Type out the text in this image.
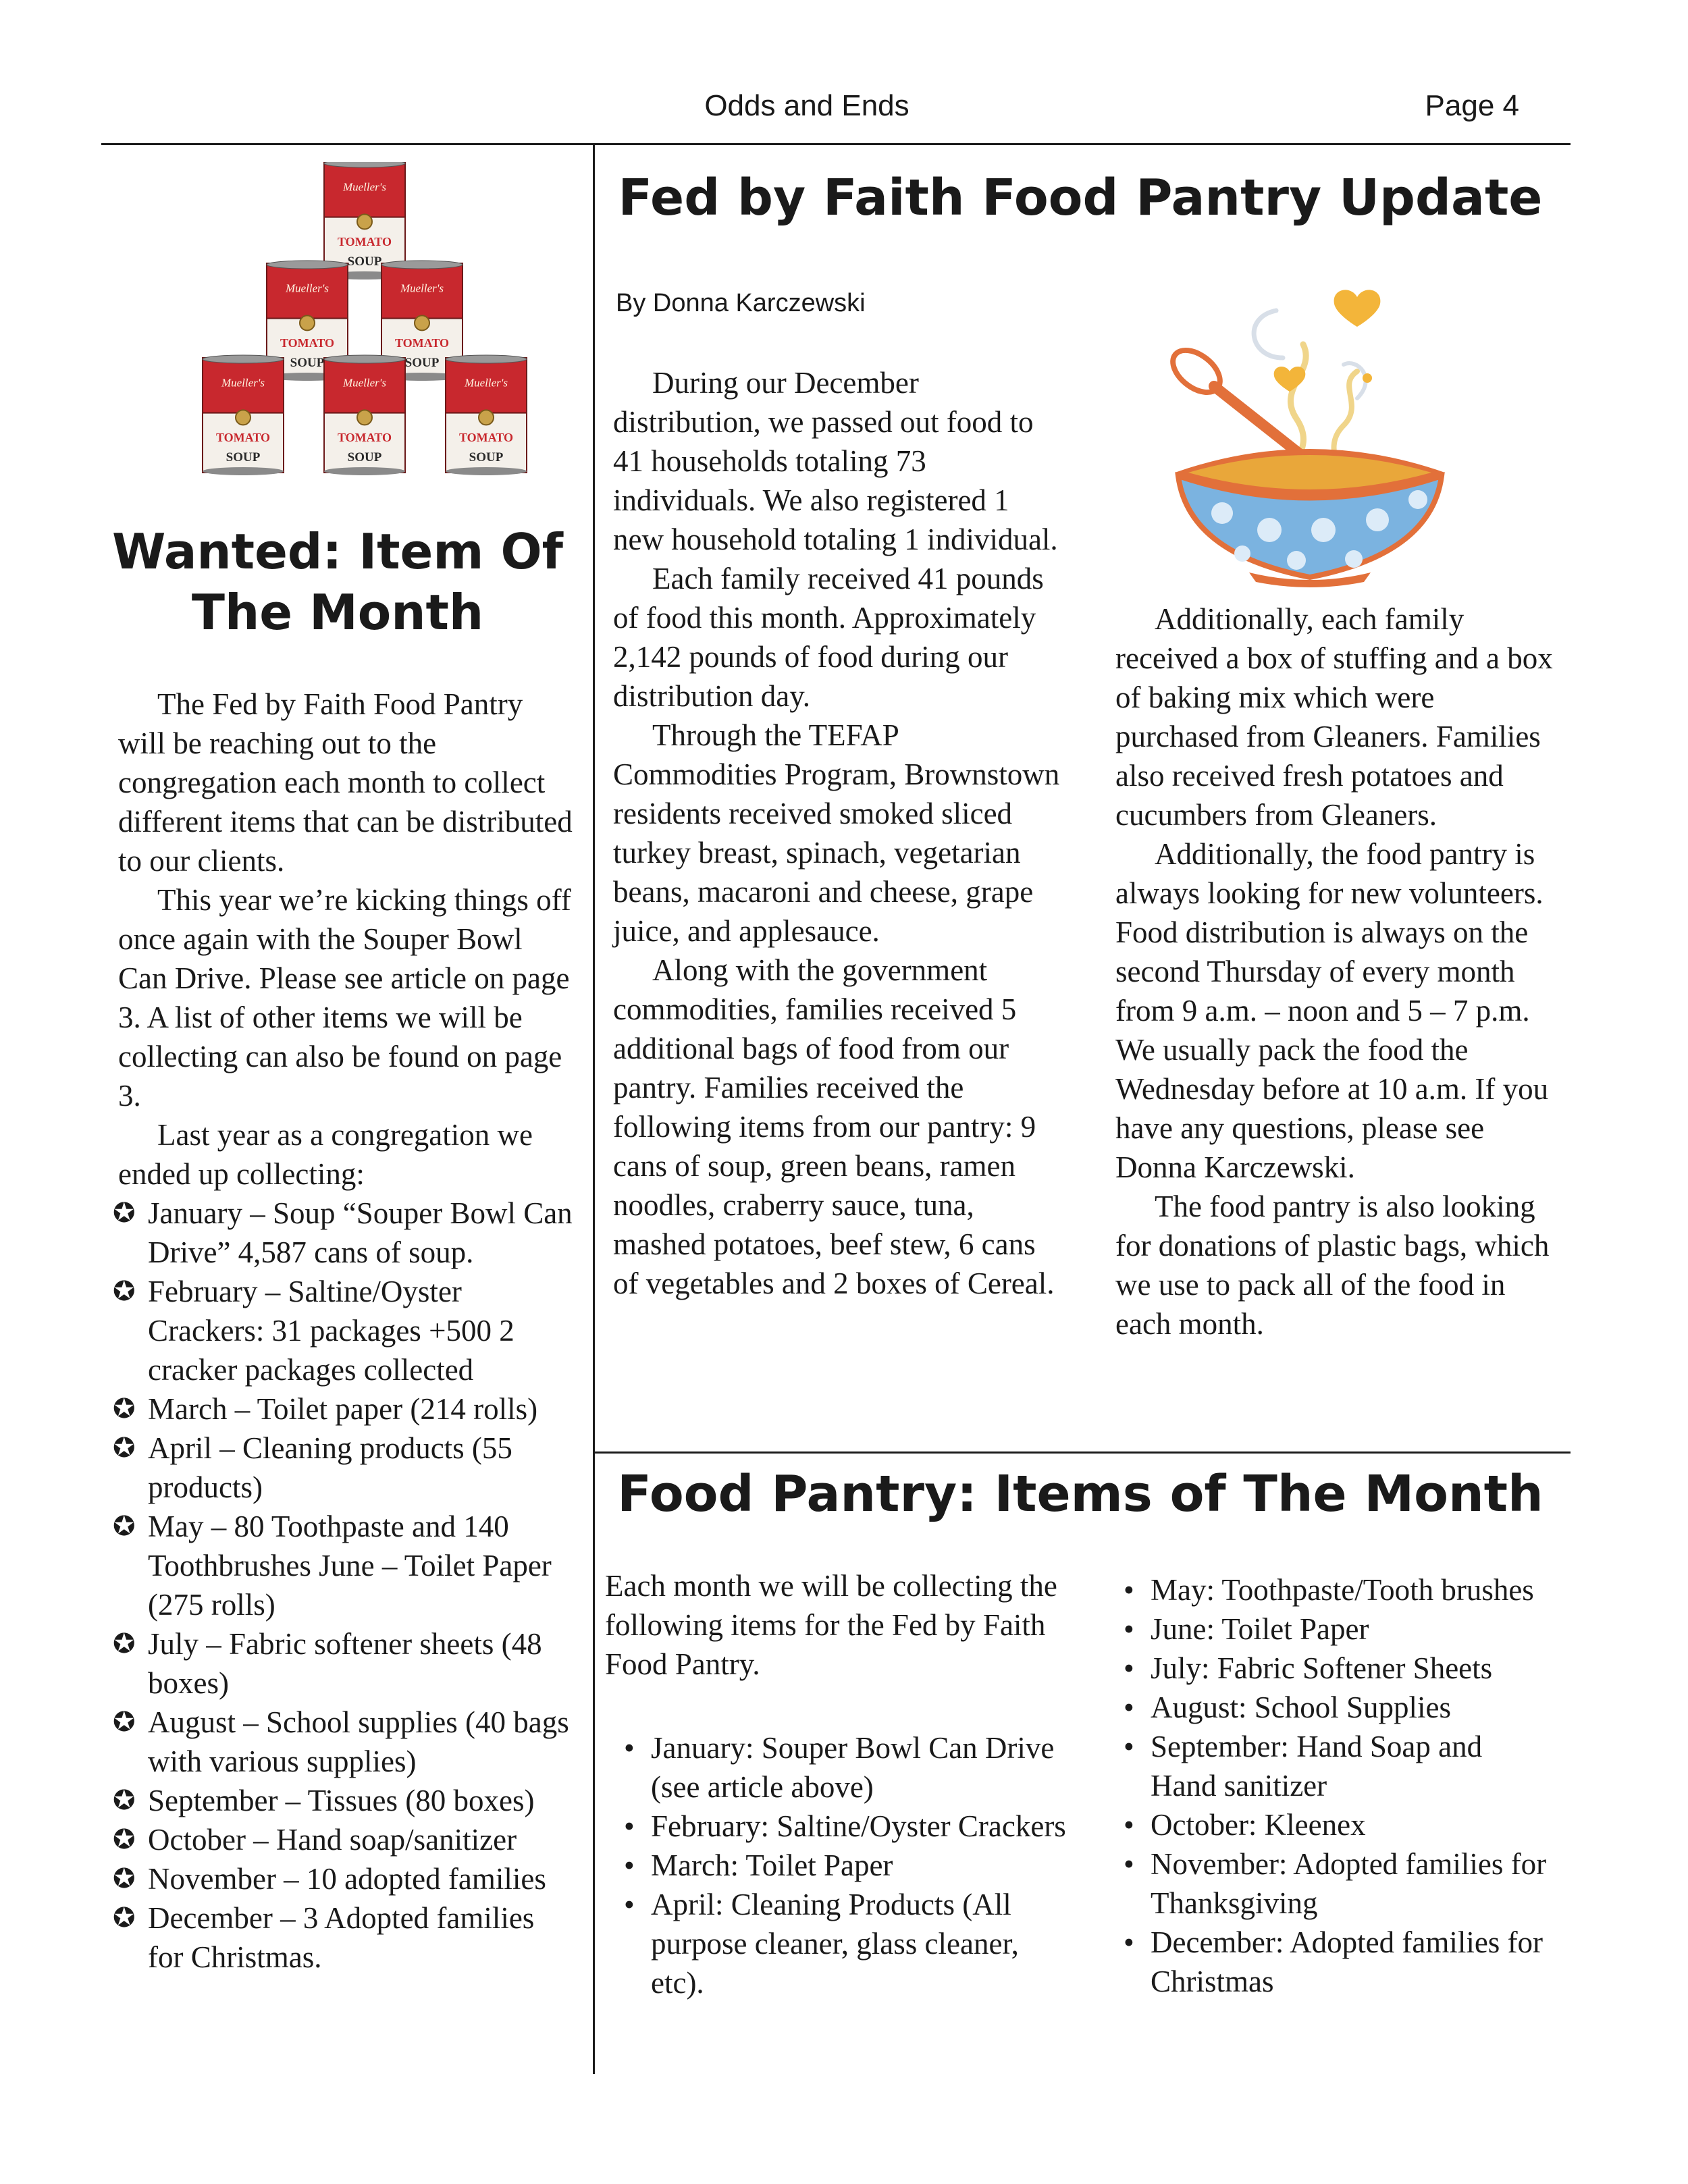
Odds and Ends	Page 4
Mueller's
TOMATO
SOUP
Mueller's
TOMATO
SOUP
Mueller's
TOMATO
SOUP
Mueller's
TOMATO
SOUP
Mueller's
TOMATO
SOUP
Mueller's
TOMATO
SOUP
Wanted: Item Of
The Month

The Fed by Faith Food Pantry will be reaching out to the congregation each month to collect different items that can be distributed to our clients.

This year we’re kicking things off once again with the Souper Bowl Can Drive. Please see article on page 3. A list of other items we will be collecting can also be found on page 3.

Last year as a congregation we ended up collecting:

✪ January – Soup “Souper Bowl Can Drive” 4,587 cans of soup.
✪ February – Saltine/Oyster Crackers: 31 packages +500 2 cracker packages collected
✪ March – Toilet paper (214 rolls)
✪ April – Cleaning products (55 products)
✪ May – 80 Toothpaste and 140 Toothbrushes June – Toilet Paper (275 rolls)
✪ July – Fabric softener sheets (48 boxes)
✪ August – School supplies (40 bags with various supplies)
✪ September – Tissues (80 boxes)
✪ October – Hand soap/sanitizer
✪ November – 10 adopted families
✪ December – 3 Adopted families for Christmas.
Fed by Faith Food Pantry Update
By Donna Karczewski

During our December distribution, we passed out food to 41 households totaling 73 individuals. We also registered 1 new household totaling 1 individual.

Each family received 41 pounds of food this month. Approximately 2,142 pounds of food during our distribution day.

Through the TEFAP Commodities Program, Brownstown residents received smoked sliced turkey breast, spinach, vegetarian beans, macaroni and cheese, grape juice, and applesauce.

Along with the government commodities, families received 5 additional bags of food from our pantry. Families received the following items from our pantry: 9 cans of soup, green beans, ramen noodles, craberry sauce, tuna, mashed potatoes, beef stew, 6 cans of vegetables and 2 boxes of Cereal.

Additionally, each family received a box of stuffing and a box of baking mix which were purchased from Gleaners. Families also received fresh potatoes and cucumbers from Gleaners.

Additionally, the food pantry is always looking for new volunteers. Food distribution is always on the second Thursday of every month from 9 a.m. – noon and 5 – 7 p.m. We usually pack the food the Wednesday before at 10 a.m. If you have any questions, please see Donna Karczewski.

The food pantry is also looking for donations of plastic bags, which we use to pack all of the food in each month.

Food Pantry: Items of The Month
Each month we will be collecting the following items for the Fed by Faith Food Pantry.
• January: Souper Bowl Can Drive (see article above)
• February: Saltine/Oyster Crackers
• March: Toilet Paper
• April: Cleaning Products (All purpose cleaner, glass cleaner, etc).
• May: Toothpaste/Tooth brushes
• June: Toilet Paper
• July: Fabric Softener Sheets
• August: School Supplies
• September: Hand Soap and Hand sanitizer
• October: Kleenex
• November: Adopted families for Thanksgiving
• December: Adopted families for Christmas
